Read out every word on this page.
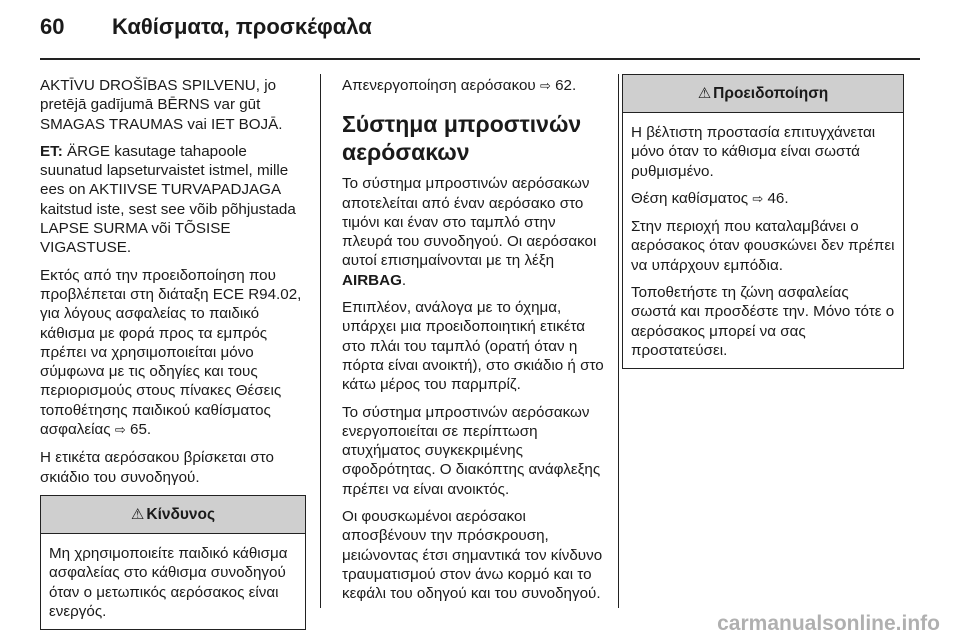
60 Καθίσματα, προσκέφαλα

AKTĪVU DROŠĪBAS SPILVENU, jo pretējā gadījumā BĒRNS var gūt SMAGAS TRAUMAS vai IET BOJĀ.

ET: ÄRGE kasutage tahapoole suunatud lapseturvaistet istmel, mille ees on AKTIIVSE TURVAPADJAGA kaitstud iste, sest see võib põhjustada LAPSE SURMA või TÕSISE VIGASTUSE.

Εκτός από την προειδοποίηση που προβλέπεται στη διάταξη ECE R94.02, για λόγους ασφαλείας το παιδικό κάθισμα με φορά προς τα εμπρός πρέπει να χρησιμοποιείται μόνο σύμφωνα με τις οδηγίες και τους περιορισμούς στους πίνακες Θέσεις τοποθέτησης παιδικού καθίσματος ασφαλείας ⇨ 65.

Η ετικέτα αερόσακου βρίσκεται στο σκιάδιο του συνοδηγού.

⚠ Κίνδυνος

Μη χρησιμοποιείτε παιδικό κάθισμα ασφαλείας στο κάθισμα συνοδηγού όταν ο μετωπικός αερόσακος είναι ενεργός.

Απενεργοποίηση αερόσακου ⇨ 62.

Σύστημα μπροστινών αερόσακων

Το σύστημα μπροστινών αερόσακων αποτελείται από έναν αερόσακο στο τιμόνι και έναν στο ταμπλό στην πλευρά του συνοδηγού. Οι αερόσακοι αυτοί επισημαίνονται με τη λέξη AIRBAG.

Επιπλέον, ανάλογα με το όχημα, υπάρχει μια προειδοποιητική ετικέτα στο πλάι του ταμπλό (ορατή όταν η πόρτα είναι ανοικτή), στο σκιάδιο ή στο κάτω μέρος του παρμπρίζ.

Το σύστημα μπροστινών αερόσακων ενεργοποιείται σε περίπτωση ατυχήματος συγκεκριμένης σφοδρότητας. Ο διακόπτης ανάφλεξης πρέπει να είναι ανοικτός.

Οι φουσκωμένοι αερόσακοι αποσβένουν την πρόσκρουση, μειώνοντας έτσι σημαντικά τον κίνδυνο τραυματισμού στον άνω κορμό και το κεφάλι του οδηγού και του συνοδηγού.

⚠ Προειδοποίηση

Η βέλτιστη προστασία επιτυγχάνεται μόνο όταν το κάθισμα είναι σωστά ρυθμισμένο.

Θέση καθίσματος ⇨ 46.

Στην περιοχή που καταλαμβάνει ο αερόσακος όταν φουσκώνει δεν πρέπει να υπάρχουν εμπόδια.

Τοποθετήστε τη ζώνη ασφαλείας σωστά και προσδέστε την. Μόνο τότε ο αερόσακος μπορεί να σας προστατεύσει.

carmanualsonline.info
